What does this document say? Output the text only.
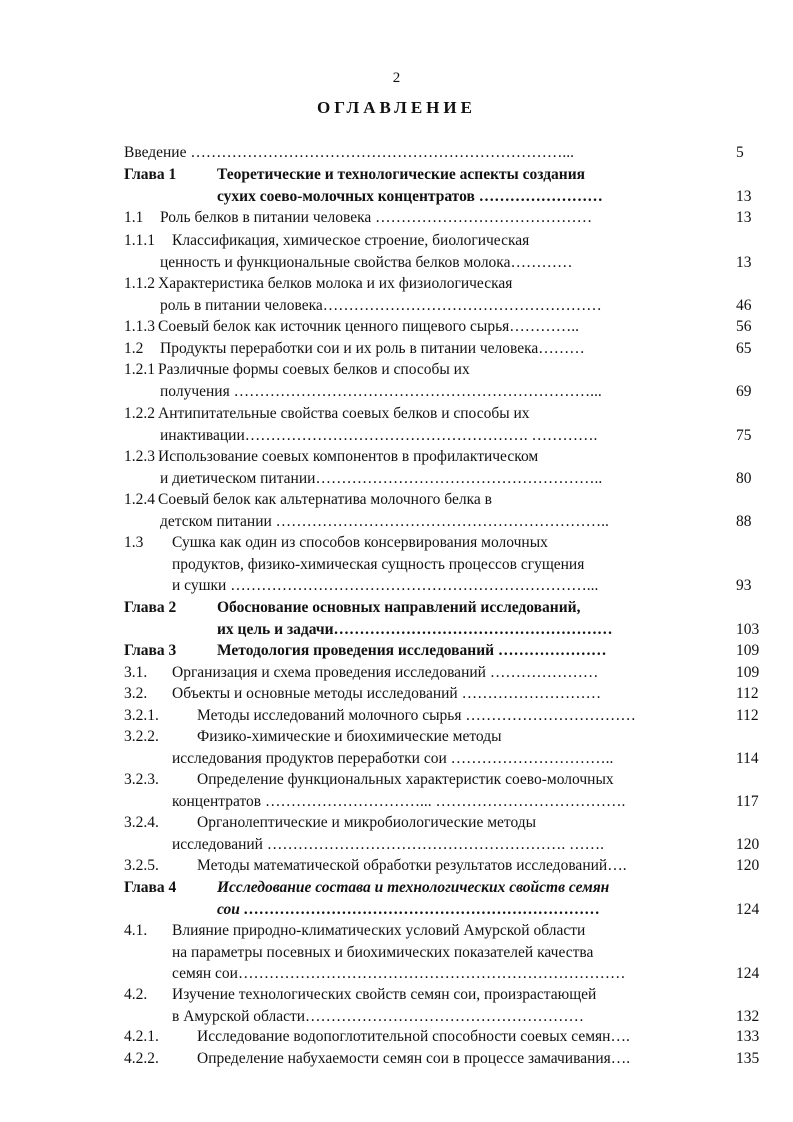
2
ОГЛАВЛЕНИЕ
Введение ………………………………………………………………...	5
Глава 1	Теоретические и технологические аспекты создания
сухих соево-молочных концентратов ……………………	13
1.1 Роль белков в питании человека ……………………………………	13
1.1.1 Классификация, химическое строение, биологическая
ценность и функциональные свойства белков молока…………	13
1.1.2 Характеристика белков молока и их физиологическая
роль в питании человека………………………………………………	46
1.1.3 Соевый белок как источник ценного пищевого сырья…………..	56
1.2 Продукты переработки сои и их роль в питании человека………	65
1.2.1 Различные формы соевых белков и способы их
получения ……………………………………………………………...	69
1.2.2 Антипитательные свойства соевых белков и способы их
инактивации………………………………………………. ………….	75
1.2.3 Использование соевых компонентов в профилактическом
и диетическом питании………………………………………………..	80
1.2.4 Соевый белок как альтернатива молочного белка в
детском питании ………………………………………………………..	88
1.3 Сушка как один из способов консервирования молочных
продуктов, физико-химическая сущность процессов сгущения
и сушки ……………………………………………………………...	93
Глава 2	Обоснование основных направлений исследований,
их цель и задачи………………………………………………	103
Глава 3	Методология проведения исследований …………………	109
3.1. Организация и схема проведения исследований …………………	109
3.2. Объекты и основные методы исследований ………………………	112
3.2.1. Методы исследований молочного сырья ……………………………	112
3.2.2. Физико-химические и биохимические методы
исследования продуктов переработки сои …………………………..	114
3.2.3. Определение функциональных характеристик соево-молочных
концентратов …………………………... ……………………………….	117
3.2.4. Органолептические и микробиологические методы
исследований …………………………………………………. …….	120
3.2.5. Методы математической обработки результатов исследований….	120
Глава 4	Исследование состава и технологических свойств семян
сои ……………………………………………………………	124
4.1. Влияние природно-климатических условий Амурской области
на параметры посевных и биохимических показателей качества
семян сои…………………………………………………………………	124
4.2. Изучение технологических свойств семян сои, произрастающей
в Амурской области………………………………………………	132
4.2.1. Исследование водопоглотительной способности соевых семян….	133
4.2.2. Определение набухаемости семян сои в процессе замачивания….	135
